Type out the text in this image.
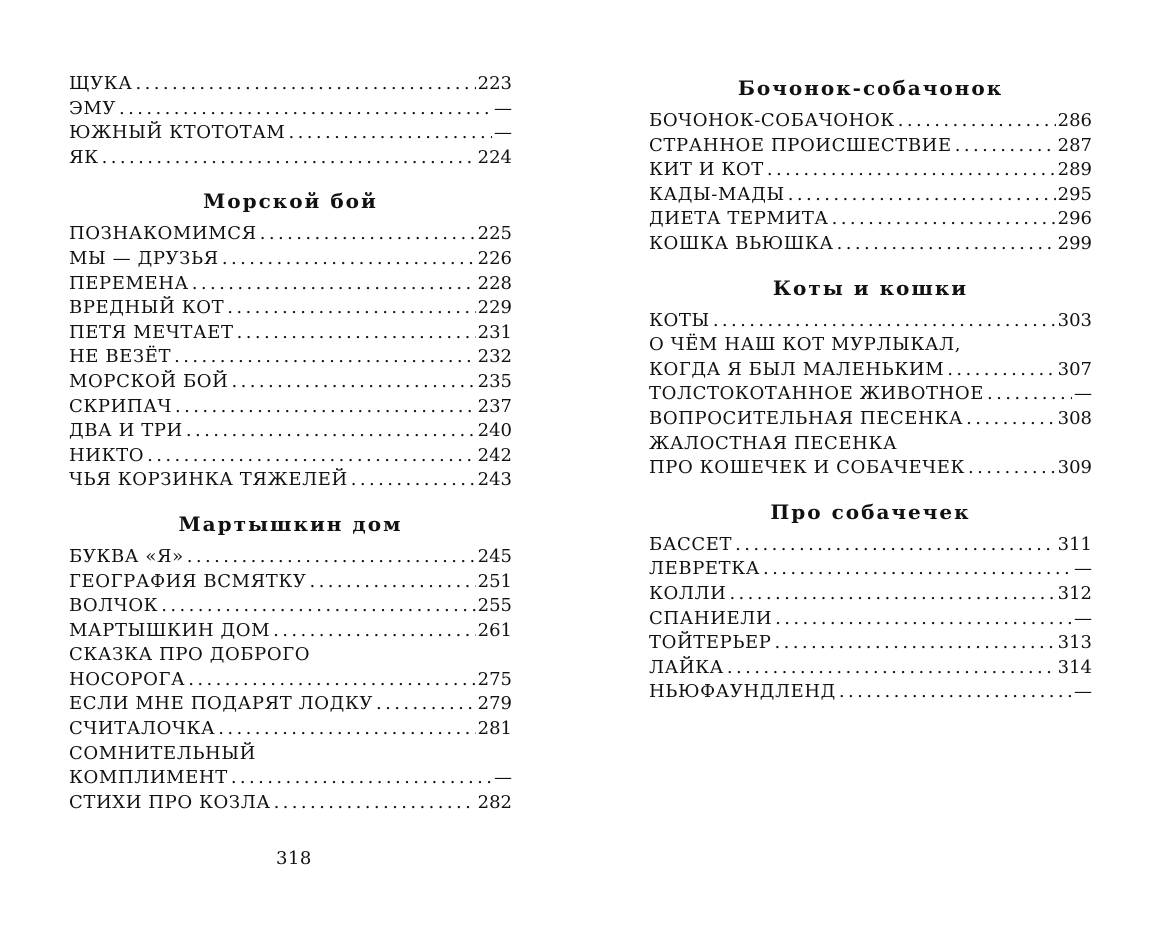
ЩУКА .....	223
ЭМУ .....	—
ЮЖНЫЙ КТОТОТАМ .....	—
ЯК .....	224
Морской бой
ПОЗНАКОМИМСЯ .....	225
МЫ — ДРУЗЬЯ .....	226
ПЕРЕМЕНА .....	228
ВРЕДНЫЙ КОТ .....	229
ПЕТЯ МЕЧТАЕТ .....	231
НЕ ВЕЗЁТ .....	232
МОРСКОЙ БОЙ .....	235
СКРИПАЧ .....	237
ДВА И ТРИ .....	240
НИКТО .....	242
ЧЬЯ КОРЗИНКА ТЯЖЕЛЕЙ .....	243
Мартышкин дом
БУКВА «Я» .....	245
ГЕОГРАФИЯ ВСМЯТКУ .....	251
ВОЛЧОК .....	255
МАРТЫШКИН ДОМ .....	261
СКАЗКА ПРО ДОБРОГО
НОСОРОГА .....	275
ЕСЛИ МНЕ ПОДАРЯТ ЛОДКУ .....	279
СЧИТАЛОЧКА .....	281
СОМНИТЕЛЬНЫЙ
КОМПЛИМЕНТ .....	—
СТИХИ ПРО КОЗЛА .....	282
Бочонок-собачонок
БОЧОНОК-СОБАЧОНОК .....	286
СТРАННОЕ ПРОИСШЕСТВИЕ .....	287
КИТ И КОТ .....	289
КАДЫ-МАДЫ .....	295
ДИЕТА ТЕРМИТА .....	296
КОШКА ВЬЮШКА .....	299
Коты и кошки
КОТЫ .....	303
О ЧЁМ НАШ КОТ МУРЛЫКАЛ,
КОГДА Я БЫЛ МАЛЕНЬКИМ .....	307
ТОЛСТОКОТАННОЕ ЖИВОТНОЕ .....	—
ВОПРОСИТЕЛЬНАЯ ПЕСЕНКА .....	308
ЖАЛОСТНАЯ ПЕСЕНКА
ПРО КОШЕЧЕК И СОБАЧЕЧЕК .....	309
Про собачечек
БАССЕТ .....	311
ЛЕВРЕТКА .....	—
КОЛЛИ .....	312
СПАНИЕЛИ .....	—
ТОЙТЕРЬЕР .....	313
ЛАЙКА .....	314
НЬЮФАУНДЛЕНД .....	—
318
